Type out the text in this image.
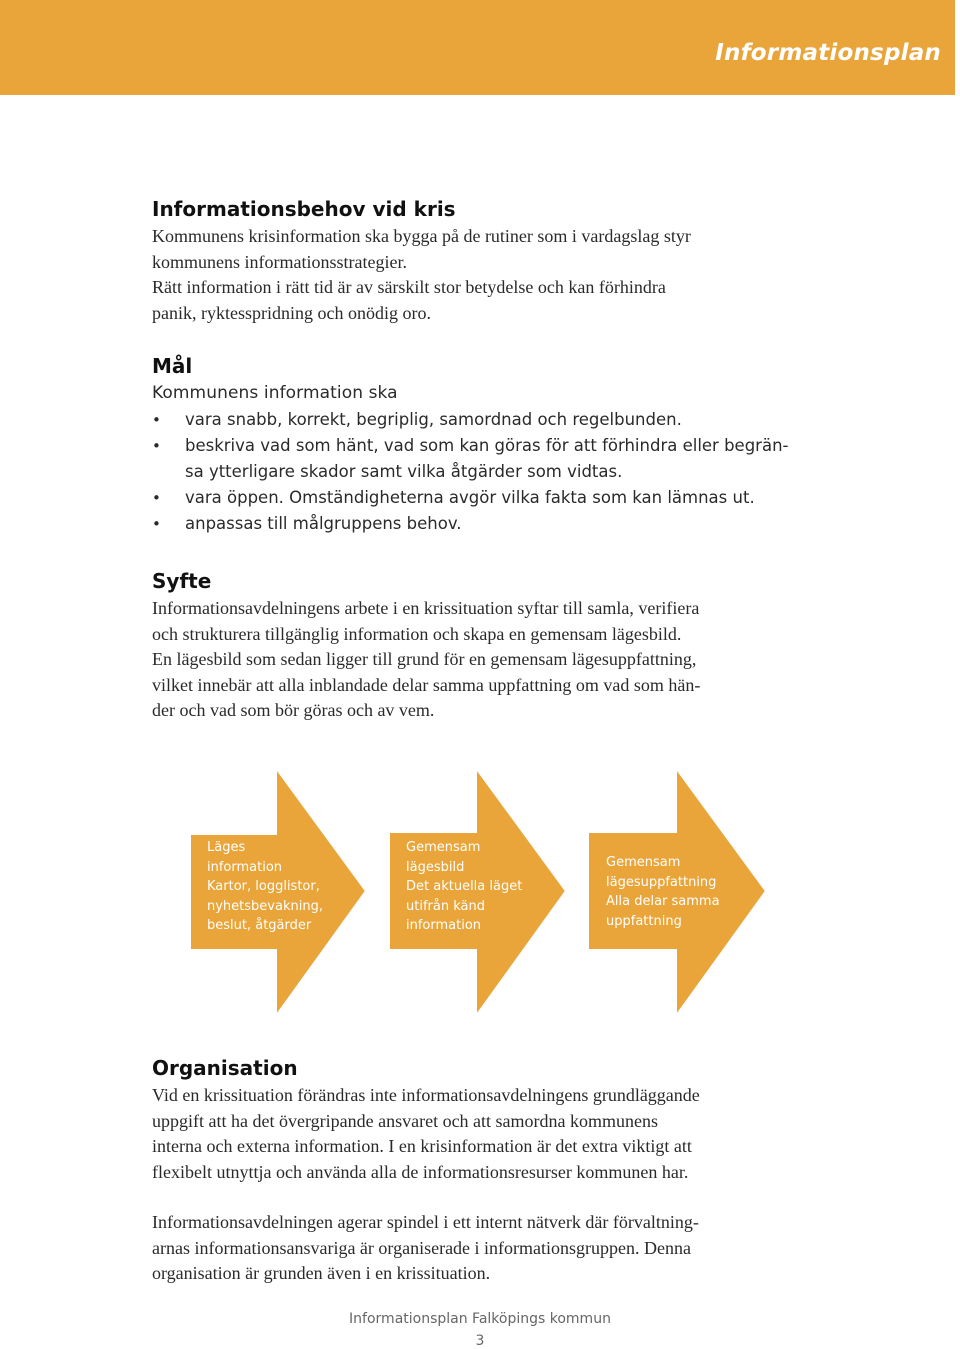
Informationsplan
Informationsbehov vid kris
Kommunens krisinformation ska bygga på de rutiner som i vardagslag styr
kommunens informationsstrategier.
Rätt information i rätt tid är av särskilt stor betydelse och kan förhindra
panik, ryktesspridning och onödig oro.
Mål
Kommunens information ska
• vara snabb, korrekt, begriplig, samordnad och regelbunden.
• beskriva vad som hänt, vad som kan göras för att förhindra eller begrän-
sa ytterligare skador samt vilka åtgärder som vidtas.
• vara öppen. Omständigheterna avgör vilka fakta som kan lämnas ut.
• anpassas till målgruppens behov.
Syfte
Informationsavdelningens arbete i en krissituation syftar till samla, verifiera
och strukturera tillgänglig information och skapa en gemensam lägesbild.
En lägesbild som sedan ligger till grund för en gemensam lägesuppfattning,
vilket innebär att alla inblandade delar samma uppfattning om vad som hän-
der och vad som bör göras och av vem.
Organisation
Vid en krissituation förändras inte informationsavdelningens grundläggande
uppgift att ha det övergripande ansvaret och att samordna kommunens
interna och externa information. I en krisinformation är det extra viktigt att
flexibelt utnyttja och använda alla de informationsresurser kommunen har.
Informationsavdelningen agerar spindel i ett internt nätverk där förvaltning-
arnas informationsansvariga är organiserade i informationsgruppen. Denna
organisation är grunden även i en krissituation.
Läges
information
Kartor, logglistor,
nyhetsbevakning,
beslut, åtgärder
Gemensam
lägesbild
Det aktuella läget
utifrån känd
information
Gemensam
lägesuppfattning
Alla delar samma
uppfattning
Informationsplan Falköpings kommun
3
